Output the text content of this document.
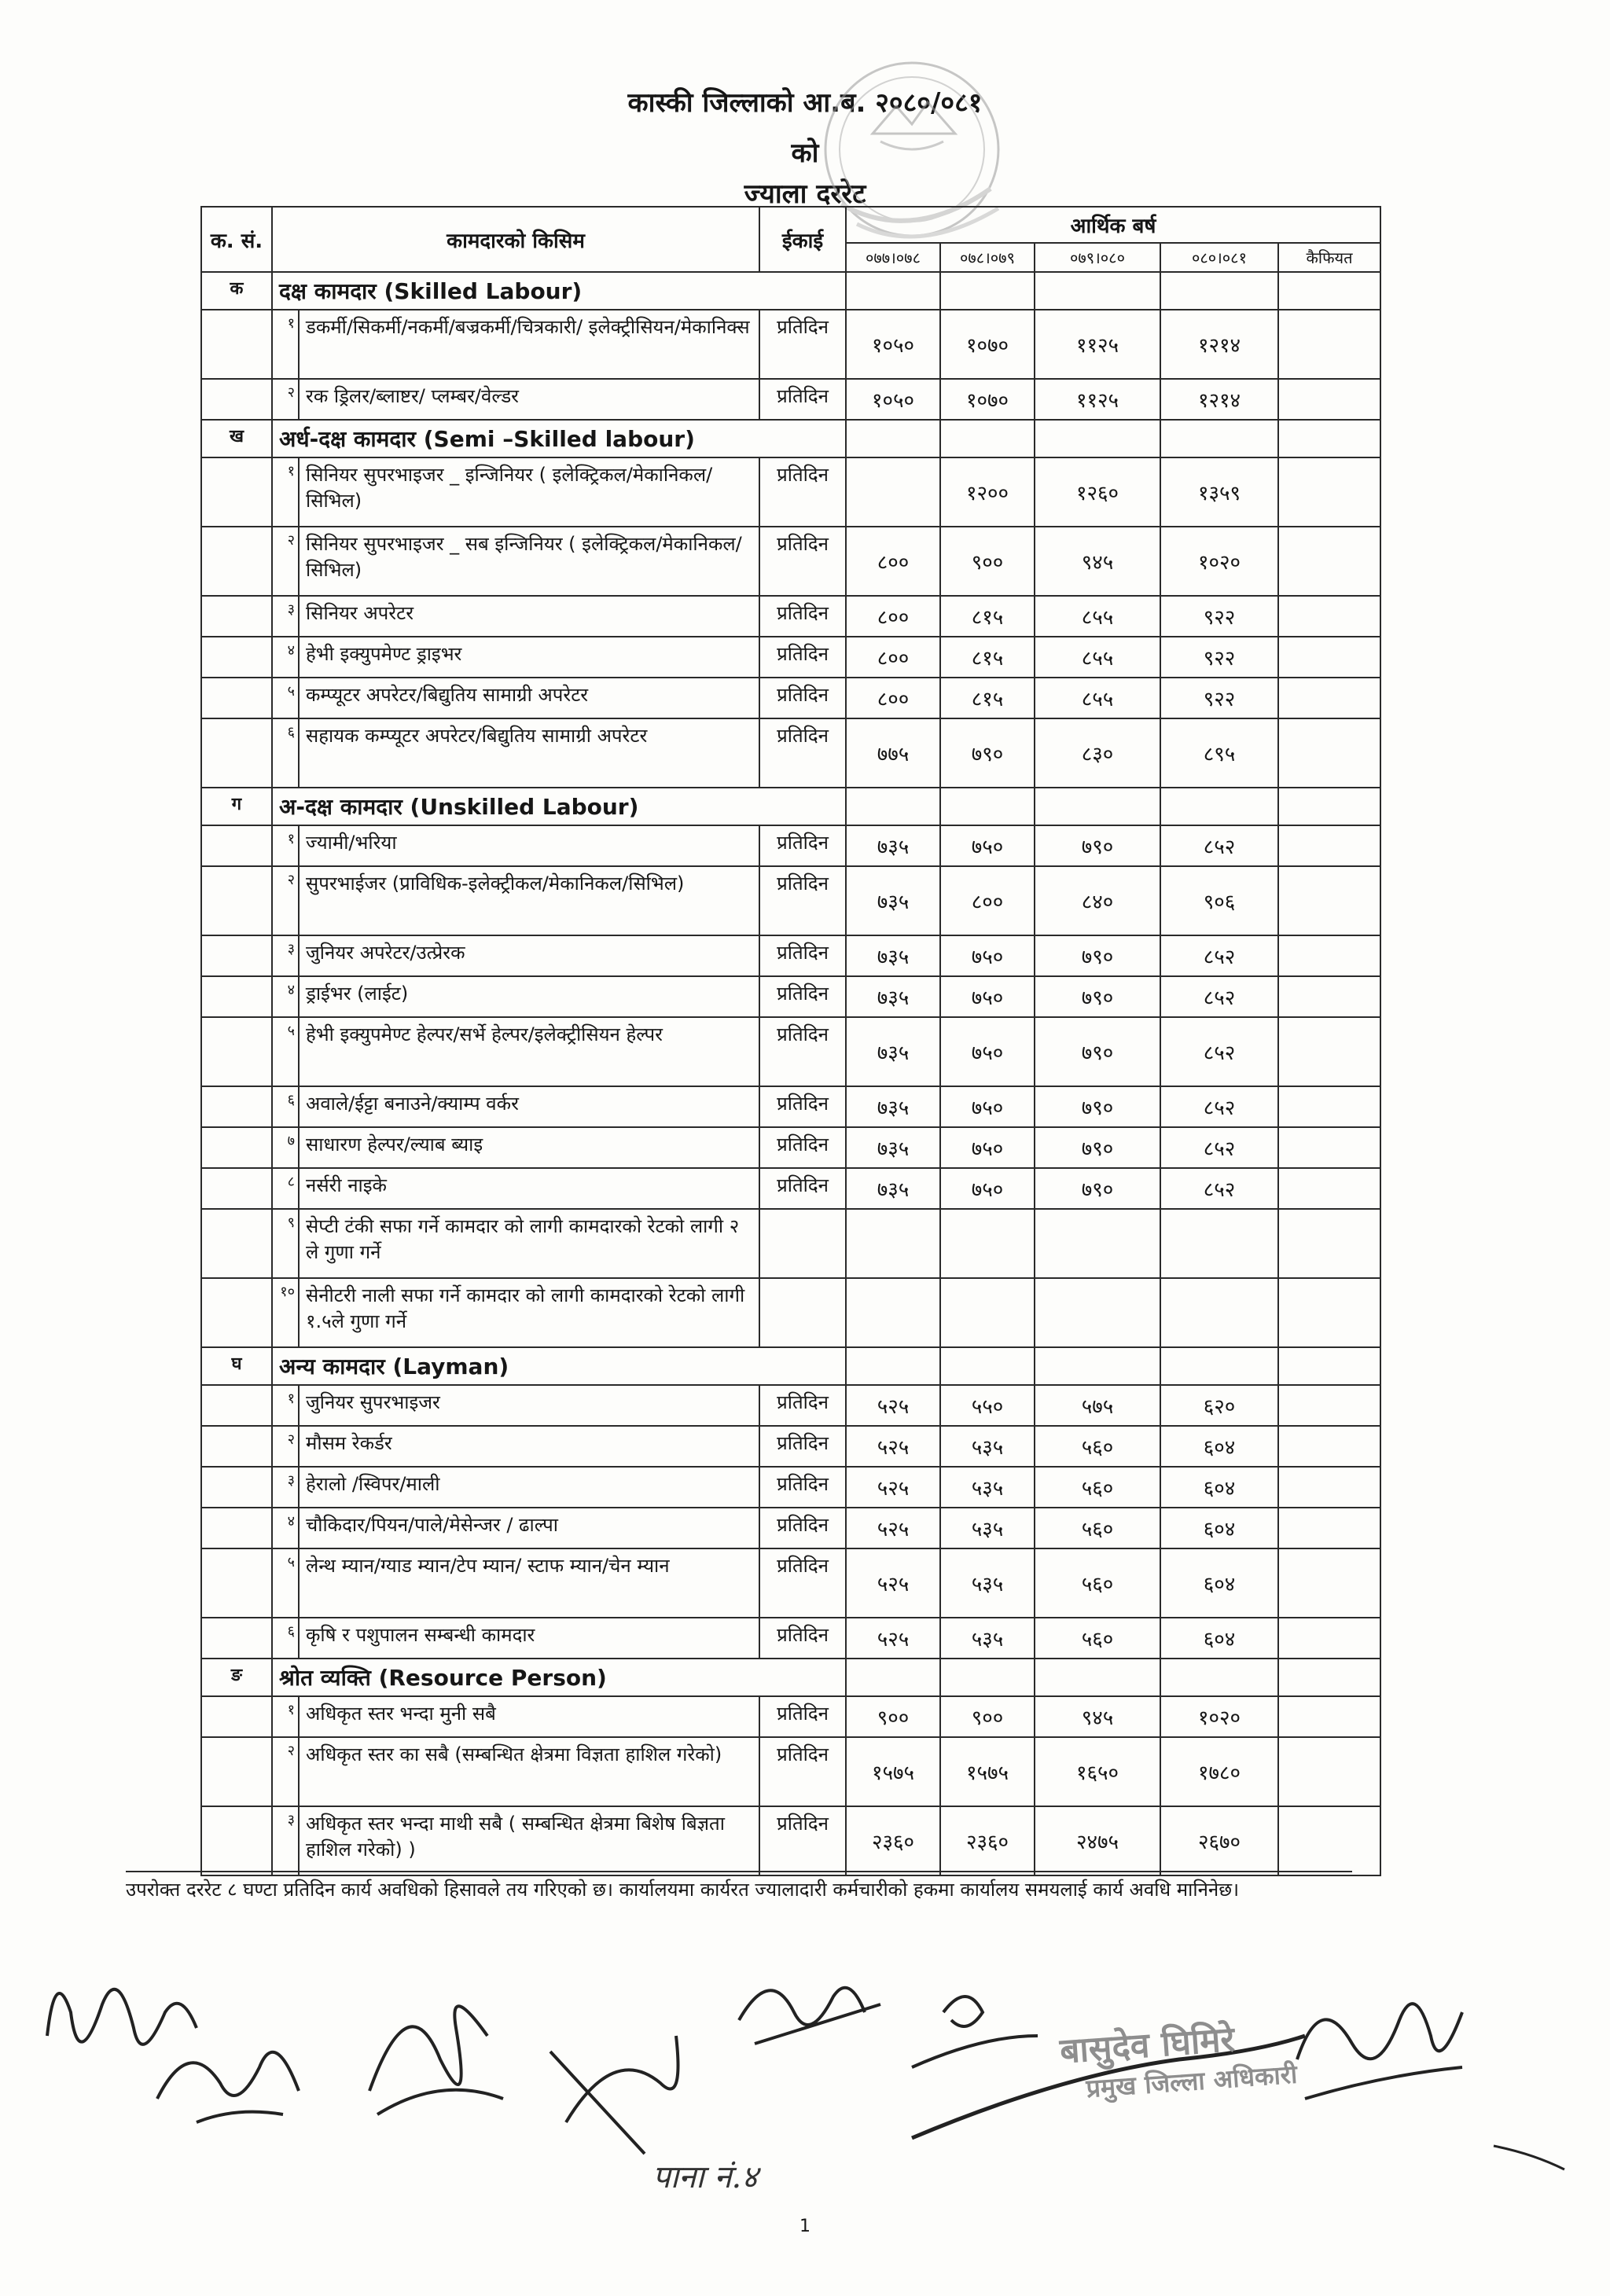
कास्की जिल्लाको आ.ब. २०८०/०८१
को
ज्याला दररेट
क. सं.	कामदारको किसिम		ईकाई	आर्थिक बर्ष				
				०७७।०७८	०७८।०७९	०७९।०८०	०८०।०८१	कैफियत
क	दक्ष कामदार (Skilled Labour)							
	१	डकर्मी/सिकर्मी/नकर्मी/बज्रकर्मी/चित्रकारी/ इलेक्ट्रीसियन/मेकानिक्स	प्रतिदिन	१०५०	१०७०	११२५	१२१४	
	२	रक ड्रिलर/ब्लाष्टर/ प्लम्बर/वेल्डर	प्रतिदिन	१०५०	१०७०	११२५	१२१४	
ख	अर्ध-दक्ष कामदार (Semi –Skilled labour)							
	१	सिनियर सुपरभाइजर _ इन्जिनियर ( इलेक्ट्रिकल/मेकानिकल/सिभिल)	प्रतिदिन		१२००	१२६०	१३५९	
	२	सिनियर सुपरभाइजर _ सब इन्जिनियर ( इलेक्ट्रिकल/मेकानिकल/सिभिल)	प्रतिदिन	८००	९००	९४५	१०२०	
	३	सिनियर अपरेटर	प्रतिदिन	८००	८१५	८५५	९२२	
	४	हेभी इक्युपमेण्ट ड्राइभर	प्रतिदिन	८००	८१५	८५५	९२२	
	५	कम्प्यूटर अपरेटर/बिद्युतिय सामाग्री अपरेटर	प्रतिदिन	८००	८१५	८५५	९२२	
	६	सहायक कम्प्यूटर अपरेटर/बिद्युतिय सामाग्री अपरेटर	प्रतिदिन	७७५	७९०	८३०	८९५	
ग	अ-दक्ष कामदार (Unskilled Labour)							
	१	ज्यामी/भरिया	प्रतिदिन	७३५	७५०	७९०	८५२	
	२	सुपरभाईजर (प्राविधिक-इलेक्ट्रीकल/मेकानिकल/सिभिल)	प्रतिदिन	७३५	८००	८४०	९०६	
	३	जुनियर अपरेटर/उत्प्रेरक	प्रतिदिन	७३५	७५०	७९०	८५२	
	४	ड्राईभर (लाईट)	प्रतिदिन	७३५	७५०	७९०	८५२	
	५	हेभी इक्युपमेण्ट हेल्पर/सर्भे हेल्पर/इलेक्ट्रीसियन हेल्पर	प्रतिदिन	७३५	७५०	७९०	८५२	
	६	अवाले/ईट्टा बनाउने/क्याम्प वर्कर	प्रतिदिन	७३५	७५०	७९०	८५२	
	७	साधारण हेल्पर/ल्याब ब्याइ	प्रतिदिन	७३५	७५०	७९०	८५२	
	८	नर्सरी नाइके	प्रतिदिन	७३५	७५०	७९०	८५२	
	९	सेप्टी टंकी सफा गर्ने कामदार को लागी कामदारको रेटको लागी २ ले गुणा गर्ने						
	१०	सेनीटरी नाली सफा गर्ने कामदार को लागी कामदारको रेटको लागी १.५ले गुणा गर्ने						
घ	अन्य कामदार (Layman)							
	१	जुनियर सुपरभाइजर	प्रतिदिन	५२५	५५०	५७५	६२०	
	२	मौसम रेकर्डर	प्रतिदिन	५२५	५३५	५६०	६०४	
	३	हेरालो /स्विपर/माली	प्रतिदिन	५२५	५३५	५६०	६०४	
	४	चौकिदार/पियन/पाले/मेसेन्जर / ढाल्पा	प्रतिदिन	५२५	५३५	५६०	६०४	
	५	लेन्थ म्यान/ग्याड म्यान/टेप म्यान/ स्टाफ म्यान/चेन म्यान	प्रतिदिन	५२५	५३५	५६०	६०४	
	६	कृषि र पशुपालन सम्बन्धी कामदार	प्रतिदिन	५२५	५३५	५६०	६०४	
ङ	श्रोत व्यक्ति (Resource Person)							
	१	अधिकृत स्तर भन्दा मुनी सबै	प्रतिदिन	९००	९००	९४५	१०२०	
	२	अधिकृत स्तर का सबै (सम्बन्धित क्षेत्रमा विज्ञता हाशिल गरेको)	प्रतिदिन	१५७५	१५७५	१६५०	१७८०	
	३	अधिकृत स्तर भन्दा माथी सबै ( सम्बन्धित क्षेत्रमा बिशेष बिज्ञता हाशिल गरेको) )	प्रतिदिन	२३६०	२३६०	२४७५	२६७०	
उपरोक्त दररेट ८ घण्टा प्रतिदिन कार्य अवधिको हिसावले तय गरिएको छ। कार्यालयमा कार्यरत ज्यालादारी कर्मचारीको हकमा कार्यालय समयलाई कार्य अवधि मानिनेछ।
बासुदेव घिमिरे
प्रमुख जिल्ला अधिकारी
पाना नं.४
1
